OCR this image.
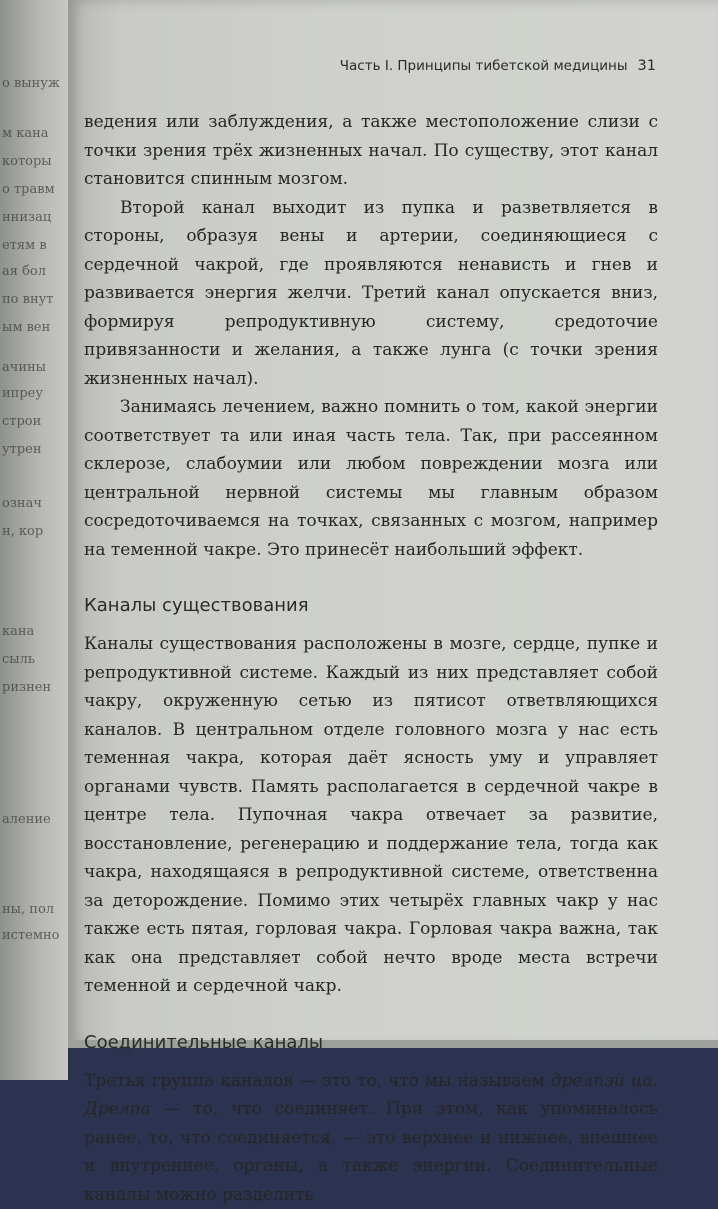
о вынуж
м кана
которы
о травм
ннизац
етям в
ая бол
по внут
ым вен
ачины
ипреу
строи
утрен
означ
н, кор
кана
сыль
ризнен
аление
ны, пол
истемно
Часть I. Принципы тибетской медицины 31

ведения или заблуждения, а также местоположение слизи с точки зрения трёх жизненных начал. По существу, этот канал становится спинным мозгом.

Второй канал выходит из пупка и разветвляется в стороны, образуя вены и артерии, соединяющиеся с сердечной чакрой, где проявляются ненависть и гнев и развивается энергия желчи. Третий канал опускается вниз, формируя репродуктивную систему, средоточие привязанности и желания, а также лунга (с точки зрения жизненных начал).

Занимаясь лечением, важно помнить о том, какой энергии соответствует та или иная часть тела. Так, при рассеянном склерозе, слабоумии или любом повреждении мозга или центральной нервной системы мы главным образом сосредоточиваемся на точках, связанных с мозгом, например на теменной чакре. Это принесёт наибольший эффект.

Каналы существования

Каналы существования расположены в мозге, сердце, пупке и репродуктивной системе. Каждый из них представляет собой чакру, окруженную сетью из пятисот ответвляющихся каналов. В центральном отделе головного мозга у нас есть теменная чакра, которая даёт ясность уму и управляет органами чувств. Память располагается в сердечной чакре в центре тела. Пупочная чакра отвечает за развитие, восстановление, регенерацию и поддержание тела, тогда как чакра, находящаяся в репродуктивной системе, ответственна за деторождение. Помимо этих четырёх главных чакр у нас также есть пятая, горловая чакра. Горловая чакра важна, так как она представляет собой нечто вроде места встречи теменной и сердечной чакр.

Соединительные каналы

Третья группа каналов — это то, что мы называем дрелпэй ца. Дрелпа — то, что соединяет. При этом, как упоминалось ранее, то, что соединяется, — это верхнее и нижнее, внешнее и внутреннее, органы, а также энергии. Соединительные каналы можно разделить
